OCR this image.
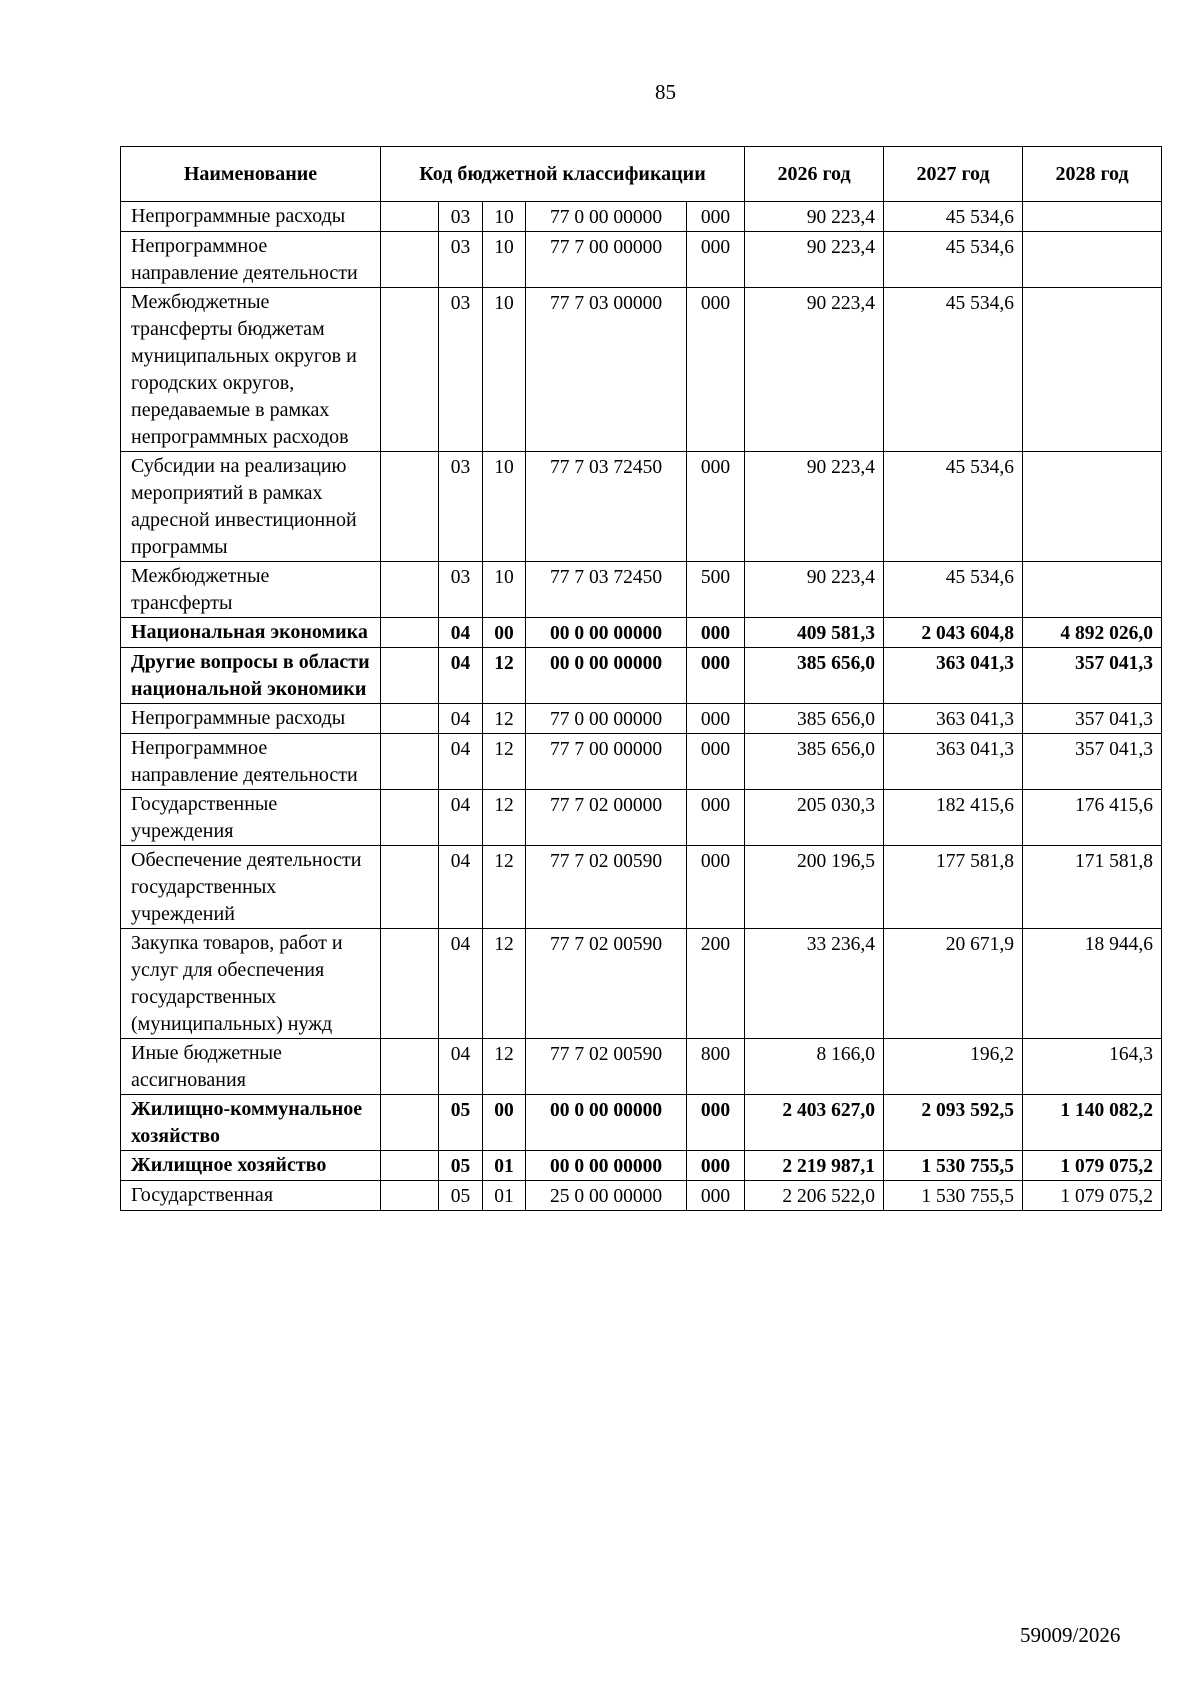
85
Наименование	Код бюджетной классификации					2026 год	2027 год	2028 год
Непрограммные расходы		03	10	77 0 00 00000	000	90 223,4	45 534,6	
Непрограммное направление деятельности		03	10	77 7 00 00000	000	90 223,4	45 534,6	
Межбюджетные трансферты бюджетам муниципальных округов и городских округов, передаваемые в рамках непрограммных расходов		03	10	77 7 03 00000	000	90 223,4	45 534,6	
Субсидии на реализацию мероприятий в рамках адресной инвестиционной программы		03	10	77 7 03 72450	000	90 223,4	45 534,6	
Межбюджетные трансферты		03	10	77 7 03 72450	500	90 223,4	45 534,6	
Национальная экономика		04	00	00 0 00 00000	000	409 581,3	2 043 604,8	4 892 026,0
Другие вопросы в области национальной экономики		04	12	00 0 00 00000	000	385 656,0	363 041,3	357 041,3
Непрограммные расходы		04	12	77 0 00 00000	000	385 656,0	363 041,3	357 041,3
Непрограммное направление деятельности		04	12	77 7 00 00000	000	385 656,0	363 041,3	357 041,3
Государственные учреждения		04	12	77 7 02 00000	000	205 030,3	182 415,6	176 415,6
Обеспечение деятельности государственных учреждений		04	12	77 7 02 00590	000	200 196,5	177 581,8	171 581,8
Закупка товаров, работ и услуг для обеспечения государственных (муниципальных) нужд		04	12	77 7 02 00590	200	33 236,4	20 671,9	18 944,6
Иные бюджетные ассигнования		04	12	77 7 02 00590	800	8 166,0	196,2	164,3
Жилищно-коммунальное хозяйство		05	00	00 0 00 00000	000	2 403 627,0	2 093 592,5	1 140 082,2
Жилищное хозяйство		05	01	00 0 00 00000	000	2 219 987,1	1 530 755,5	1 079 075,2
Государственная		05	01	25 0 00 00000	000	2 206 522,0	1 530 755,5	1 079 075,2
59009/2026
